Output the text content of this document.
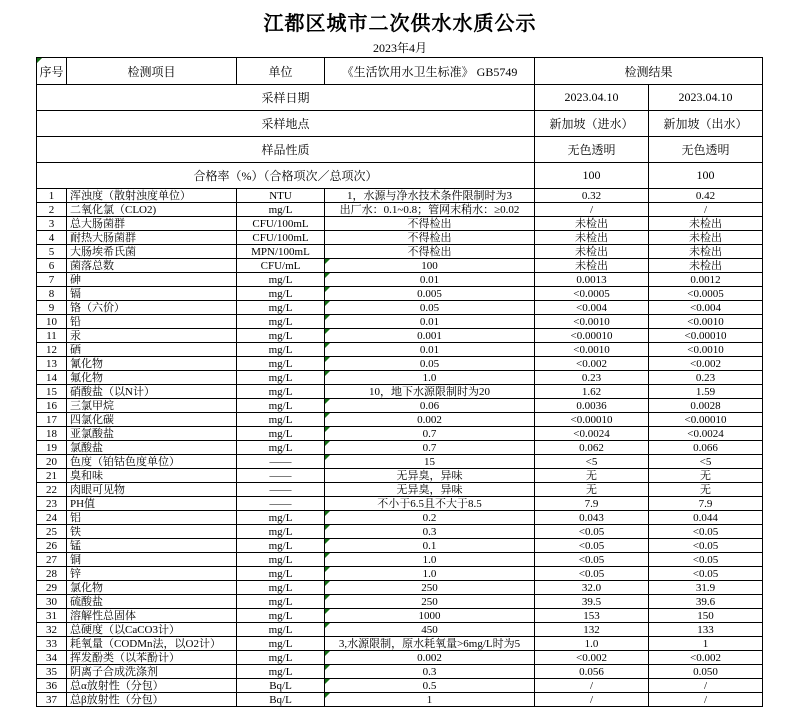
江都区城市二次供水水质公示
2023年4月
采样日期				2023.04.10	2023.04.10
采样地点				新加坡（进水）	新加坡（出水）
样品性质				无色透明	无色透明
合格率（%）（合格项次／总项次）				100	100

序号	检测项目	单位	《生活饮用水卫生标准》 GB5749	检测结果	
1	浑浊度（散射浊度单位）	NTU	1，水源与净水技术条件限制时为3	0.32	0.42
2	二氧化氯（CLO2)	mg/L	出厂水：0.1~0.8；管网末稍水：≥0.02	/	/
3	总大肠菌群	CFU/100mL	不得检出	未检出	未检出
4	耐热大肠菌群	CFU/100mL	不得检出	未检出	未检出
5	大肠埃希氏菌	MPN/100mL	不得检出	未检出	未检出
6	菌落总数	CFU/mL	100	未检出	未检出
7	砷	mg/L	0.01	0.0013	0.0012
8	镉	mg/L	0.005	<0.0005	<0.0005
9	铬（六价）	mg/L	0.05	<0.004	<0.004
10	铅	mg/L	0.01	<0.0010	<0.0010
11	汞	mg/L	0.001	<0.00010	<0.00010
12	硒	mg/L	0.01	<0.0010	<0.0010
13	氰化物	mg/L	0.05	<0.002	<0.002
14	氟化物	mg/L	1.0	0.23	0.23
15	硝酸盐（以N计）	mg/L	10，地下水源限制时为20	1.62	1.59
16	三氯甲烷	mg/L	0.06	0.0036	0.0028
17	四氯化碳	mg/L	0.002	<0.00010	<0.00010
18	亚氯酸盐	mg/L	0.7	<0.0024	<0.0024
19	氯酸盐	mg/L	0.7	0.062	0.066
20	色度（铂钴色度单位）	——	15	<5	<5
21	臭和味	——	无异臭，异味	无	无
22	肉眼可见物	——	无异臭，异味	无	无
23	PH值	——	不小于6.5且不大于8.5	7.9	7.9
24	铝	mg/L	0.2	0.043	0.044
25	铁	mg/L	0.3	<0.05	<0.05
26	锰	mg/L	0.1	<0.05	<0.05
27	铜	mg/L	1.0	<0.05	<0.05
28	锌	mg/L	1.0	<0.05	<0.05
29	氯化物	mg/L	250	32.0	31.9
30	硫酸盐	mg/L	250	39.5	39.6
31	溶解性总固体	mg/L	1000	153	150
32	总硬度（以CaCO3计）	mg/L	450	132	133
33	耗氧量（CODMn法，以O2计）	mg/L	3,水源限制，原水耗氧量>6mg/L时为5	1.0	1
34	挥发酚类（以苯酚计）	mg/L	0.002	<0.002	<0.002
35	阴离子合成洗涤剂	mg/L	0.3	0.056	0.050
36	总α放射性（分包）	Bq/L	0.5	/	/
37	总β放射性（分包）	Bq/L	1	/	/
